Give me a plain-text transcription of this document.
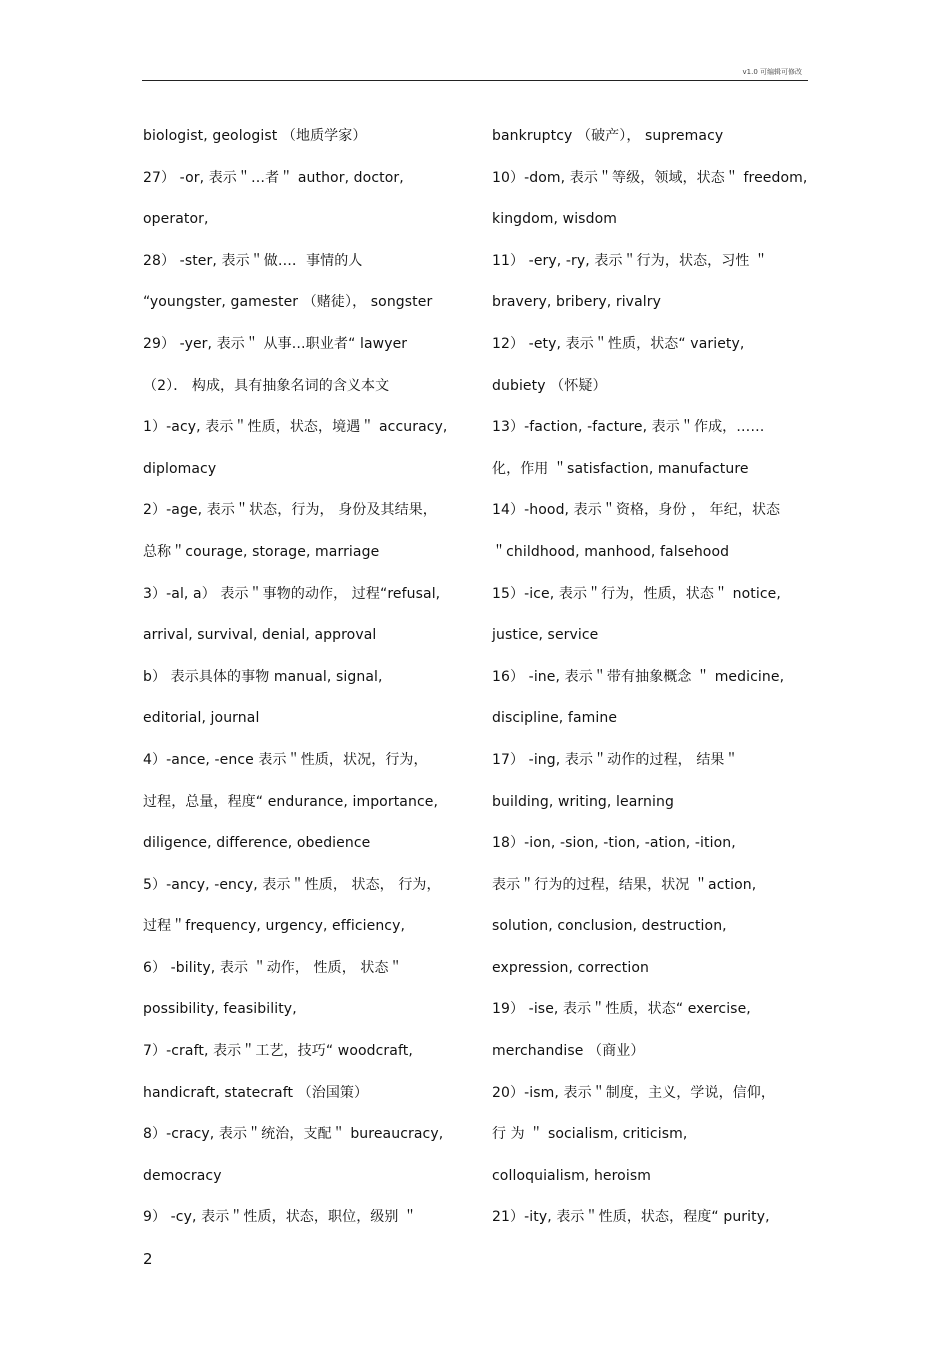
v1.0 可编辑可修改
biologist, geologist （地质学家）
27） -or, 表示＂…者＂ author, doctor,
operator,
28） -ster, 表示＂做…．事情的人
“youngster, gamester （赌徒）， songster
29） -yer, 表示＂ 从事…职业者“ lawyer
（2）． 构成，具有抽象名词的含义本文
1）-acy, 表示＂性质，状态，境遇＂ accuracy,
diplomacy
2）-age, 表示＂状态，行为， 身份及其结果，
总称＂courage, storage, marriage
3）-al, a） 表示＂事物的动作， 过程“refusal,
arrival, survival, denial, approval
b） 表示具体的事物 manual, signal,
editorial, journal
4）-ance, -ence 表示＂性质，状况，行为，
过程，总量，程度“ endurance, importance,
diligence, difference, obedience
5）-ancy, -ency, 表示＂性质， 状态， 行为，
过程＂frequency, urgency, efficiency,
6） -bility, 表示 ＂动作， 性质， 状态＂
possibility, feasibility,
7）-craft, 表示＂工艺，技巧“ woodcraft,
handicraft, statecraft （治国策）
8）-cracy, 表示＂统治，支配＂ bureaucracy,
democracy
9） -cy, 表示＂性质，状态，职位，级别 ＂
bankruptcy （破产）， supremacy
10）-dom, 表示＂等级，领域，状态＂ freedom,
kingdom, wisdom
11） -ery, -ry, 表示＂行为，状态，习性 ＂
bravery, bribery, rivalry
12） -ety, 表示＂性质，状态“ variety,
dubiety （怀疑）
13）-faction, -facture, 表示＂作成，……
化，作用 ＂satisfaction, manufacture
14）-hood, 表示＂资格，身份 ， 年纪，状态
＂childhood, manhood, falsehood
15）-ice, 表示＂行为，性质，状态＂ notice,
justice, service
16） -ine, 表示＂带有抽象概念 ＂ medicine,
discipline, famine
17） -ing, 表示＂动作的过程， 结果＂
building, writing, learning
18）-ion, -sion, -tion, -ation, -ition,
表示＂行为的过程，结果，状况 ＂action,
solution, conclusion, destruction,
expression, correction
19） -ise, 表示＂性质，状态“ exercise,
merchandise （商业）
20）-ism, 表示＂制度，主义，学说，信仰，
行 为 ＂ socialism, criticism,
colloquialism, heroism
21）-ity, 表示＂性质，状态，程度“ purity,
2
